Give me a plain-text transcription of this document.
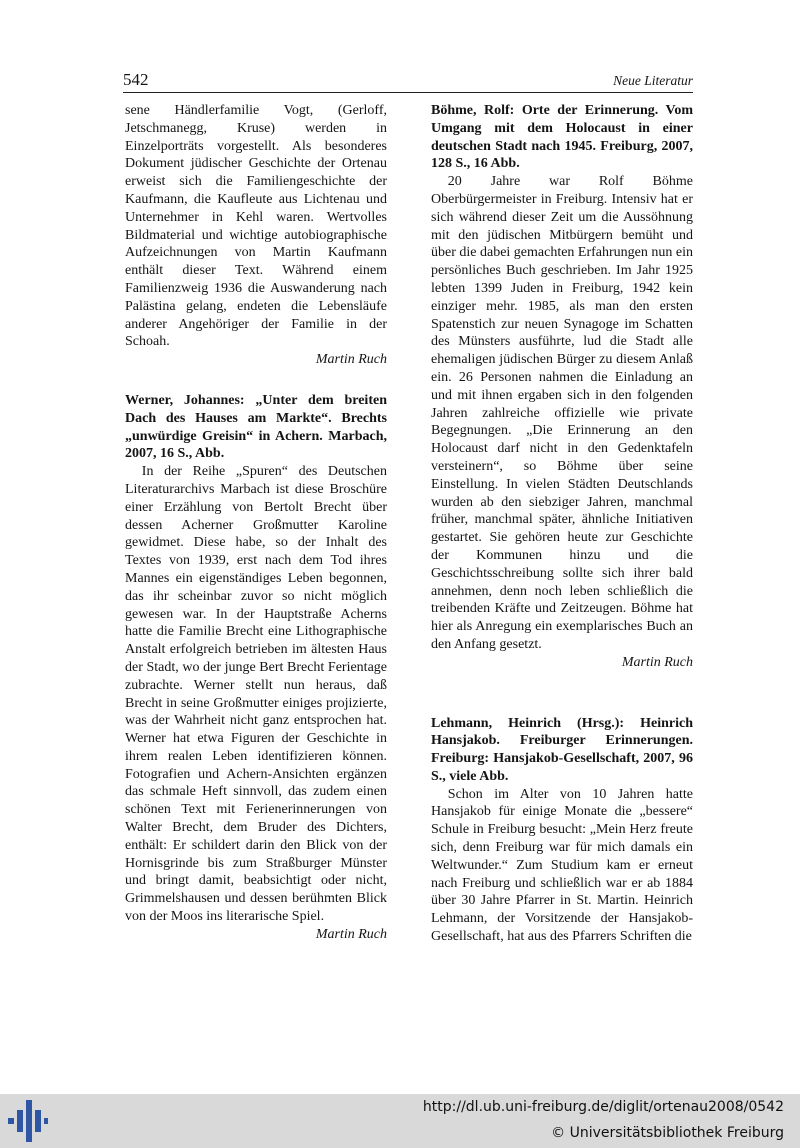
542	Neue Literatur

sene Händlerfamilie Vogt, (Gerloff, Jetschmanegg, Kruse) werden in Einzelporträts vorgestellt. Als besonderes Dokument jüdischer Geschichte der Ortenau erweist sich die Familiengeschichte der Kaufmann, die Kaufleute aus Lichtenau und Unternehmer in Kehl waren. Wertvolles Bildmaterial und wichtige autobiographische Aufzeichnungen von Martin Kaufmann enthält dieser Text. Während einem Familienzweig 1936 die Auswanderung nach Palästina gelang, endeten die Lebensläufe anderer Angehöriger der Familie in der Schoah.

Martin Ruch

Werner, Johannes: „Unter dem breiten Dach des Hauses am Markte“. Brechts „unwürdige Greisin“ in Achern. Marbach, 2007, 16 S., Abb.

In der Reihe „Spuren“ des Deutschen Literaturarchivs Marbach ist diese Broschüre einer Erzählung von Bertolt Brecht über dessen Acherner Großmutter Karoline gewidmet. Diese habe, so der Inhalt des Textes von 1939, erst nach dem Tod ihres Mannes ein eigenständiges Leben begonnen, das ihr scheinbar zuvor so nicht möglich gewesen war. In der Hauptstraße Acherns hatte die Familie Brecht eine Lithographische Anstalt erfolgreich betrieben im ältesten Haus der Stadt, wo der junge Bert Brecht Ferientage zubrachte. Werner stellt nun heraus, daß Brecht in seine Großmutter einiges projizierte, was der Wahrheit nicht ganz entsprochen hat. Werner hat etwa Figuren der Geschichte in ihrem realen Leben identifizieren können. Fotografien und Achern-Ansichten ergänzen das schmale Heft sinnvoll, das zudem einen schönen Text mit Ferienerinnerungen von Walter Brecht, dem Bruder des Dichters, enthält: Er schildert darin den Blick von der Hornisgrinde bis zum Straßburger Münster und bringt damit, beabsichtigt oder nicht, Grimmelshausen und dessen berühmten Blick von der Moos ins literarische Spiel.

Martin Ruch

Böhme, Rolf: Orte der Erinnerung. Vom Umgang mit dem Holocaust in einer deutschen Stadt nach 1945. Freiburg, 2007, 128 S., 16 Abb.

20 Jahre war Rolf Böhme Oberbürgermeister in Freiburg. Intensiv hat er sich während dieser Zeit um die Aussöhnung mit den jüdischen Mitbürgern bemüht und über die dabei gemachten Erfahrungen nun ein persönliches Buch geschrieben. Im Jahr 1925 lebten 1399 Juden in Freiburg, 1942 kein einziger mehr. 1985, als man den ersten Spatenstich zur neuen Synagoge im Schatten des Münsters ausführte, lud die Stadt alle ehemaligen jüdischen Bürger zu diesem Anlaß ein. 26 Personen nahmen die Einladung an und mit ihnen ergaben sich in den folgenden Jahren zahlreiche offizielle wie private Begegnungen. „Die Erinnerung an den Holocaust darf nicht in den Gedenktafeln versteinern“, so Böhme über seine Einstellung. In vielen Städten Deutschlands wurden ab den siebziger Jahren, manchmal früher, manchmal später, ähnliche Initiativen gestartet. Sie gehören heute zur Geschichte der Kommunen hinzu und die Geschichtsschreibung sollte sich ihrer bald annehmen, denn noch leben schließlich die treibenden Kräfte und Zeitzeugen. Böhme hat hier als Anregung ein exemplarisches Buch an den Anfang gesetzt.

Martin Ruch

Lehmann, Heinrich (Hrsg.): Heinrich Hansjakob. Freiburger Erinnerungen. Freiburg: Hansjakob-Gesellschaft, 2007, 96 S., viele Abb.

Schon im Alter von 10 Jahren hatte Hansjakob für einige Monate die „bessere“ Schule in Freiburg besucht: „Mein Herz freute sich, denn Freiburg war für mich damals ein Weltwunder.“ Zum Studium kam er erneut nach Freiburg und schließlich war er ab 1884 über 30 Jahre Pfarrer in St. Martin. Heinrich Lehmann, der Vorsitzende der Hansjakob-Gesellschaft, hat aus des Pfarrers Schriften die

http://dl.ub.uni-freiburg.de/diglit/ortenau2008/0542
© Universitätsbibliothek Freiburg
